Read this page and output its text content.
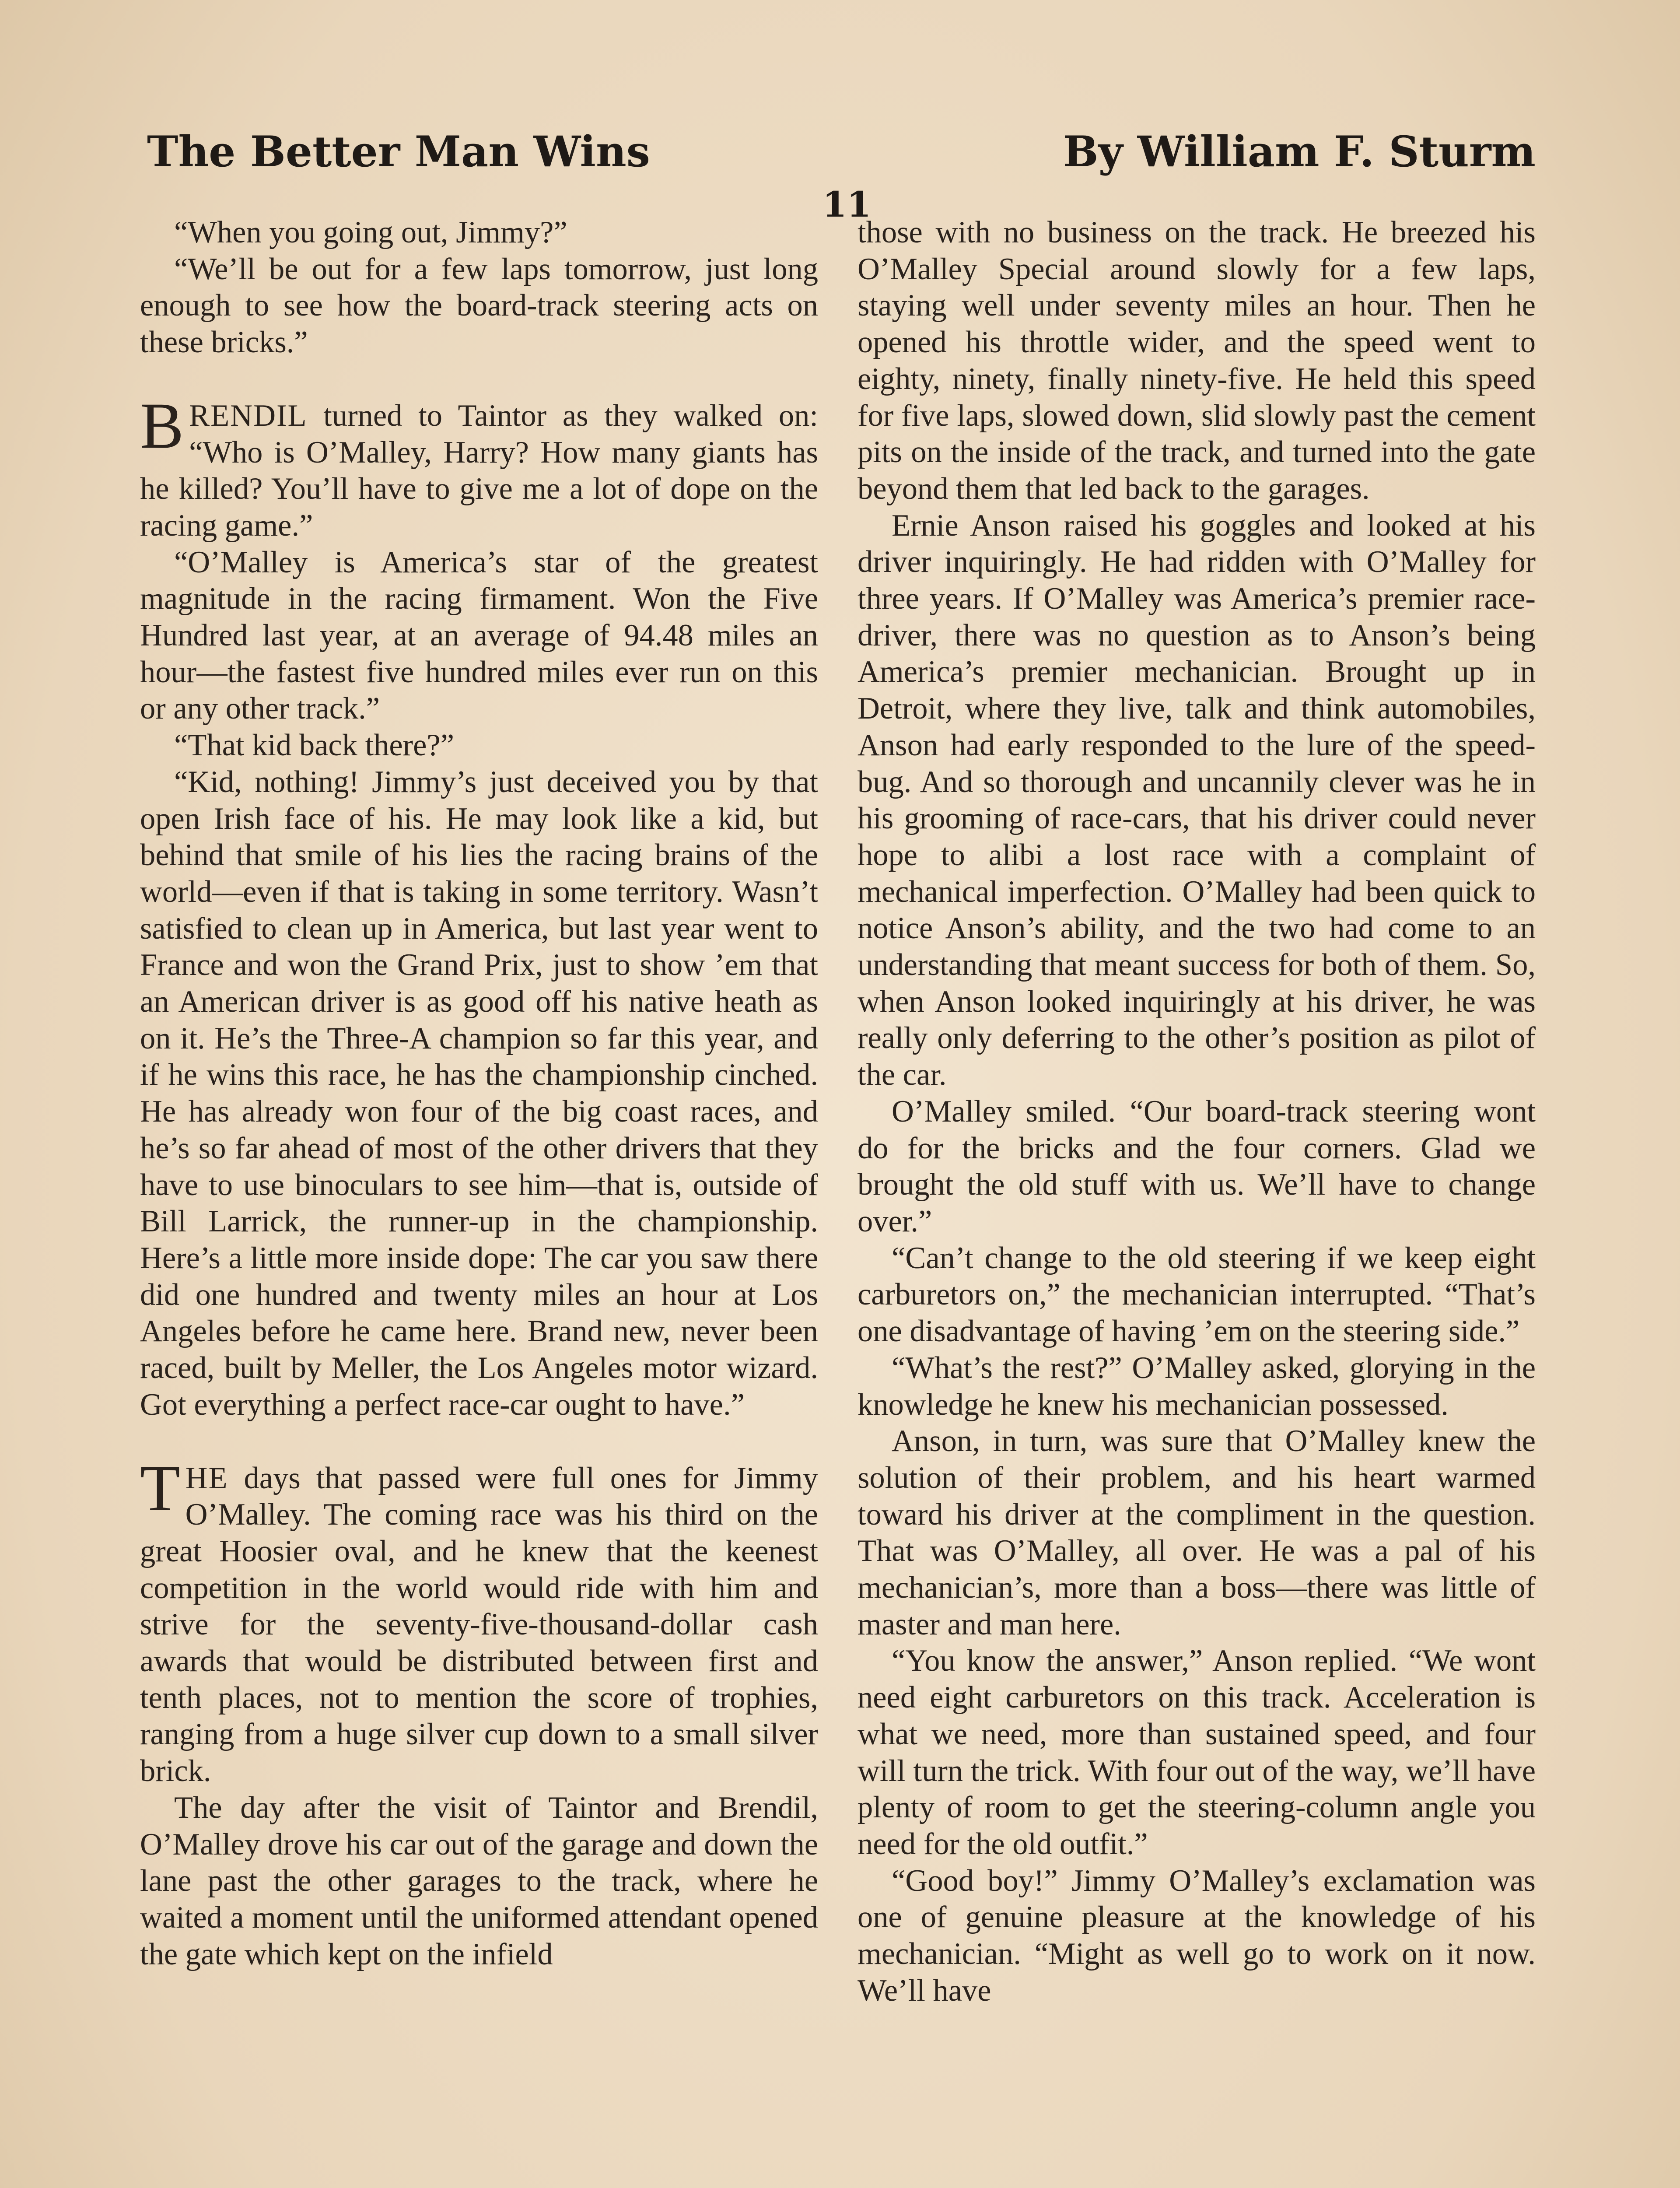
The Better Man Wins	By William F. Sturm
11

“When you going out, Jimmy?”

“We’ll be out for a few laps tomorrow, just long enough to see how the board-track steering acts on these bricks.”

BRENDIL turned to Taintor as they walked on: “Who is O’Malley, Harry? How many giants has he killed? You’ll have to give me a lot of dope on the racing game.”

“O’Malley is America’s star of the greatest magnitude in the racing firmament. Won the Five Hundred last year, at an average of 94.48 miles an hour—the fastest five hundred miles ever run on this or any other track.”

“That kid back there?”

“Kid, nothing! Jimmy’s just deceived you by that open Irish face of his. He may look like a kid, but behind that smile of his lies the racing brains of the world—even if that is taking in some territory. Wasn’t satisfied to clean up in America, but last year went to France and won the Grand Prix, just to show ’em that an American driver is as good off his native heath as on it. He’s the Three-A champion so far this year, and if he wins this race, he has the championship cinched. He has already won four of the big coast races, and he’s so far ahead of most of the other drivers that they have to use binoculars to see him—that is, outside of Bill Larrick, the runner-up in the championship. Here’s a little more inside dope: The car you saw there did one hundred and twenty miles an hour at Los Angeles before he came here. Brand new, never been raced, built by Meller, the Los Angeles motor wizard. Got everything a perfect race-car ought to have.”

THE days that passed were full ones for Jimmy O’Malley. The coming race was his third on the great Hoosier oval, and he knew that the keenest competition in the world would ride with him and strive for the seventy-five-thousand-dollar cash awards that would be distributed between first and tenth places, not to mention the score of trophies, ranging from a huge silver cup down to a small silver brick.

The day after the visit of Taintor and Brendil, O’Malley drove his car out of the garage and down the lane past the other garages to the track, where he waited a moment until the uniformed attendant opened the gate which kept on the infield

those with no business on the track. He breezed his O’Malley Special around slowly for a few laps, staying well under seventy miles an hour. Then he opened his throttle wider, and the speed went to eighty, ninety, finally ninety-five. He held this speed for five laps, slowed down, slid slowly past the cement pits on the inside of the track, and turned into the gate beyond them that led back to the garages.

Ernie Anson raised his goggles and looked at his driver inquiringly. He had ridden with O’Malley for three years. If O’Malley was America’s premier race-driver, there was no question as to Anson’s being America’s premier mechanician. Brought up in Detroit, where they live, talk and think automobiles, Anson had early responded to the lure of the speed-bug. And so thorough and uncannily clever was he in his grooming of race-cars, that his driver could never hope to alibi a lost race with a complaint of mechanical imperfection. O’Malley had been quick to notice Anson’s ability, and the two had come to an understanding that meant success for both of them. So, when Anson looked inquiringly at his driver, he was really only deferring to the other’s position as pilot of the car.

O’Malley smiled. “Our board-track steering wont do for the bricks and the four corners. Glad we brought the old stuff with us. We’ll have to change over.”

“Can’t change to the old steering if we keep eight carburetors on,” the mechanician interrupted. “That’s one disadvantage of having ’em on the steering side.”

“What’s the rest?” O’Malley asked, glorying in the knowledge he knew his mechanician possessed.

Anson, in turn, was sure that O’Malley knew the solution of their problem, and his heart warmed toward his driver at the compliment in the question. That was O’Malley, all over. He was a pal of his mechanician’s, more than a boss—there was little of master and man here.

“You know the answer,” Anson replied. “We wont need eight carburetors on this track. Acceleration is what we need, more than sustained speed, and four will turn the trick. With four out of the way, we’ll have plenty of room to get the steering-column angle you need for the old outfit.”

“Good boy!” Jimmy O’Malley’s exclamation was one of genuine pleasure at the knowledge of his mechanician. “Might as well go to work on it now. We’ll have
